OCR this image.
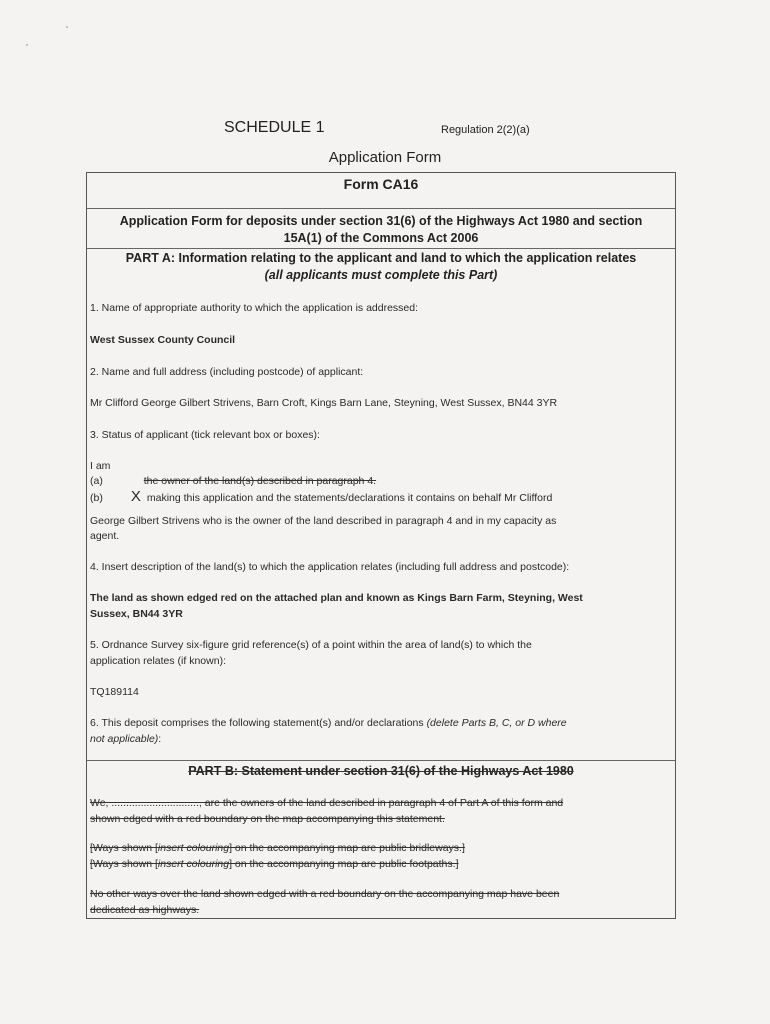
SCHEDULE 1	Regulation 2(2)(a)
Application Form
Form CA16
Application Form for deposits under section 31(6) of the Highways Act 1980 and section
15A(1) of the Commons Act 2006
PART A: Information relating to the applicant and land to which the application relates
(all applicants must complete this Part)
1. Name of appropriate authority to which the application is addressed:
West Sussex County Council
2. Name and full address (including postcode) of applicant:
Mr Clifford George Gilbert Strivens, Barn Croft, Kings Barn Lane, Steyning, West Sussex, BN44 3YR
3. Status of applicant (tick relevant box or boxes):
I am
(a)	the owner of the land(s) described in paragraph 4.
(b) X making this application and the statements/declarations it contains on behalf Mr Clifford
George Gilbert Strivens who is the owner of the land described in paragraph 4 and in my capacity as
agent.
4. Insert description of the land(s) to which the application relates (including full address and postcode):
The land as shown edged red on the attached plan and known as Kings Barn Farm, Steyning, West
Sussex, BN44 3YR
5. Ordnance Survey six-figure grid reference(s) of a point within the area of land(s) to which the
application relates (if known):
TQ189114
6. This deposit comprises the following statement(s) and/or declarations (delete Parts B, C, or D where
not applicable):
PART B: Statement under section 31(6) of the Highways Act 1980
We, .............................., are the owners of the land described in paragraph 4 of Part A of this form and
shown edged with a red boundary on the map accompanying this statement.
[Ways shown [insert colouring] on the accompanying map are public bridleways.]
[Ways shown [insert colouring] on the accompanying map are public footpaths.]
No other ways over the land shown edged with a red boundary on the accompanying map have been
dedicated as highways.
